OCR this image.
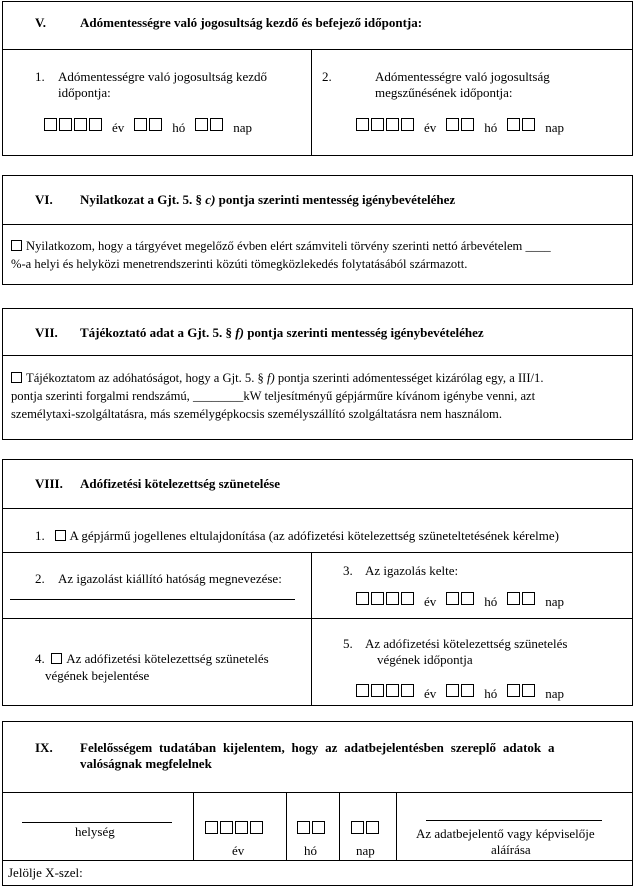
V.	Adómentességre való jogosultság kezdő és befejező időpontja:
1. Adómentességre való jogosultság kezdő
időpontja:
év	hó	nap
2.	Adómentességre való jogosultság
megszűnésének időpontja:
év	hó	nap
VI. Nyilatkozat a Gjt. 5. § c) pontja szerinti mentesség igénybevételéhez
Nyilatkozom, hogy a tárgyévet megelőző évben elért számviteli törvény szerinti nettó árbevételem ____
%-a helyi és helyközi menetrendszerinti közúti tömegközlekedés folytatásából származott.
VII. Tájékoztató adat a Gjt. 5. § f) pontja szerinti mentesség igénybevételéhez
Tájékoztatom az adóhatóságot, hogy a Gjt. 5. § f) pontja szerinti adómentességet kizárólag egy, a III/1.
pontja szerinti forgalmi rendszámú, ________kW teljesítményű gépjárműre kívánom igénybe venni, azt
személytaxi-szolgáltatásra, más személygépkocsis személyszállító szolgáltatásra nem használom.
VIII. Adófizetési kötelezettség szünetelése
1. A gépjármű jogellenes eltulajdonítása (az adófizetési kötelezettség szüneteltetésének kérelme)
2. Az igazolást kiállító hatóság megnevezése:
3. Az igazolás kelte:
év	hó	nap
4. Az adófizetési kötelezettség szünetelés
végének bejelentése
5. Az adófizetési kötelezettség szünetelés
végének időpontja
év	hó	nap
IX. Felelősségem tudatában kijelentem, hogy az adatbejelentésben szereplő adatok a
valóságnak megfelelnek
helység
év	hó	nap
Az adatbejelentő vagy képviselője
aláírása
Jelölje X-szel:
